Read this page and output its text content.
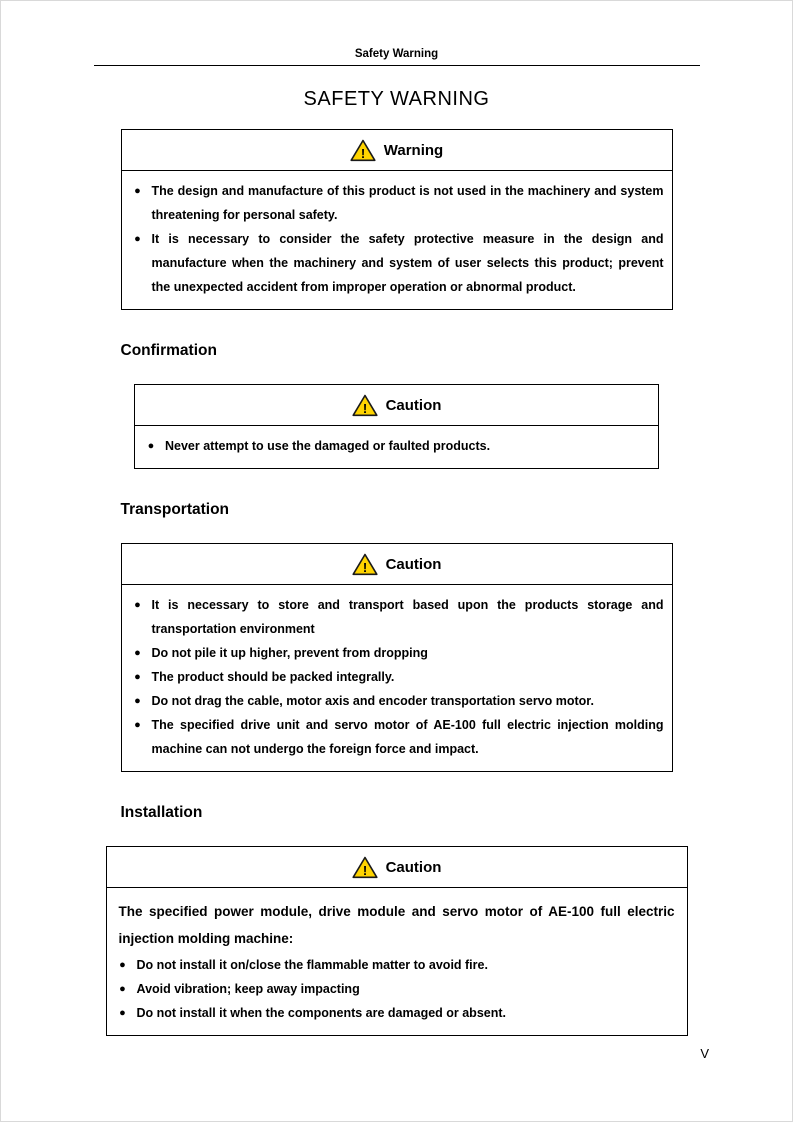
Safety Warning
SAFETY WARNING
! Warning
● The design and manufacture of this product is not used in the machinery and system threatening for personal safety.
● It is necessary to consider the safety protective measure in the design and manufacture when the machinery and system of user selects this product; prevent the unexpected accident from improper operation or abnormal product.
Confirmation
! Caution
● Never attempt to use the damaged or faulted products.
Transportation
! Caution
● It is necessary to store and transport based upon the products storage and transportation environment
● Do not pile it up higher, prevent from dropping
● The product should be packed integrally.
● Do not drag the cable, motor axis and encoder transportation servo motor.
● The specified drive unit and servo motor of AE-100 full electric injection molding machine can not undergo the foreign force and impact.
Installation
! Caution
The specified power module, drive module and servo motor of AE-100 full electric injection molding machine:
● Do not install it on/close the flammable matter to avoid fire.
● Avoid vibration; keep away impacting
● Do not install it when the components are damaged or absent.
V
